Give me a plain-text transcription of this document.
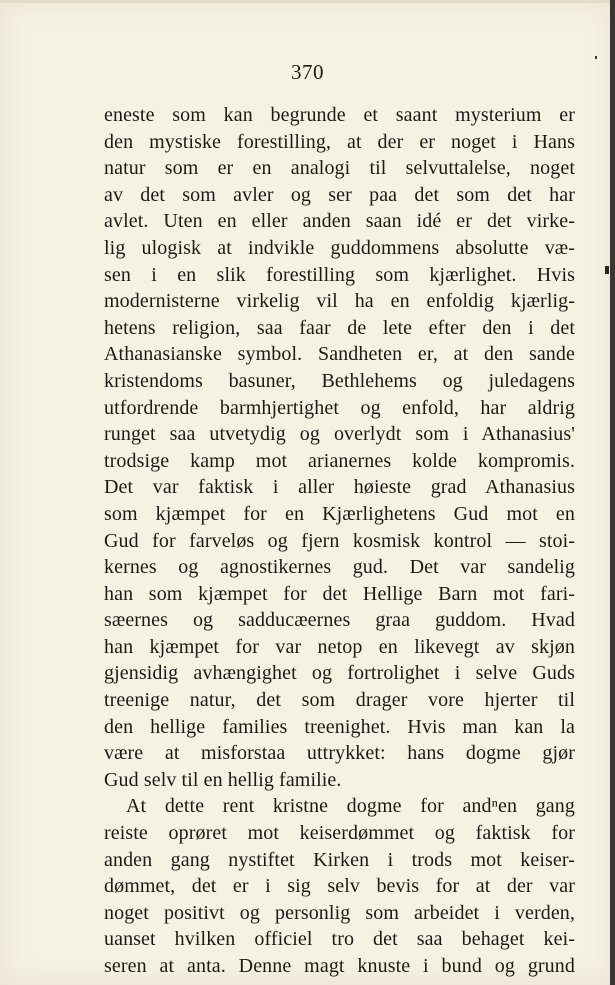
370
eneste som kan begrunde et saant mysterium er
den mystiske forestilling, at der er noget i Hans
natur som er en analogi til selvuttalelse, noget
av det som avler og ser paa det som det har
avlet. Uten en eller anden saan idé er det virke-
lig ulogisk at indvikle guddommens absolutte væ-
sen i en slik forestilling som kjærlighet. Hvis
modernisterne virkelig vil ha en enfoldig kjærlig-
hetens religion, saa faar de lete efter den i det
Athanasianske symbol. Sandheten er, at den sande
kristendoms basuner, Bethlehems og juledagens
utfordrende barmhjertighet og enfold, har aldrig
runget saa utvetydig og overlydt som i Athanasius'
trodsige kamp mot arianernes kolde kompromis.
Det var faktisk i aller høieste grad Athanasius
som kjæmpet for en Kjærlighetens Gud mot en
Gud for farveløs og fjern kosmisk kontrol — stoi-
kernes og agnostikernes gud. Det var sandelig
han som kjæmpet for det Hellige Barn mot fari-
sæernes og sadducæernes graa guddom. Hvad
han kjæmpet for var netop en likevegt av skjøn
gjensidig avhængighet og fortrolighet i selve Guds
treenige natur, det som drager vore hjerter til
den hellige families treenighet. Hvis man kan la
være at misforstaa uttrykket: hans dogme gjør
Gud selv til en hellig familie.
At dette rent kristne dogme for andⁿen gang
reiste oprøret mot keiserdømmet og faktisk for
anden gang nystiftet Kirken i trods mot keiser-
dømmet, det er i sig selv bevis for at der var
noget positivt og personlig som arbeidet i verden,
uanset hvilken officiel tro det saa behaget kei-
seren at anta. Denne magt knuste i bund og grund
